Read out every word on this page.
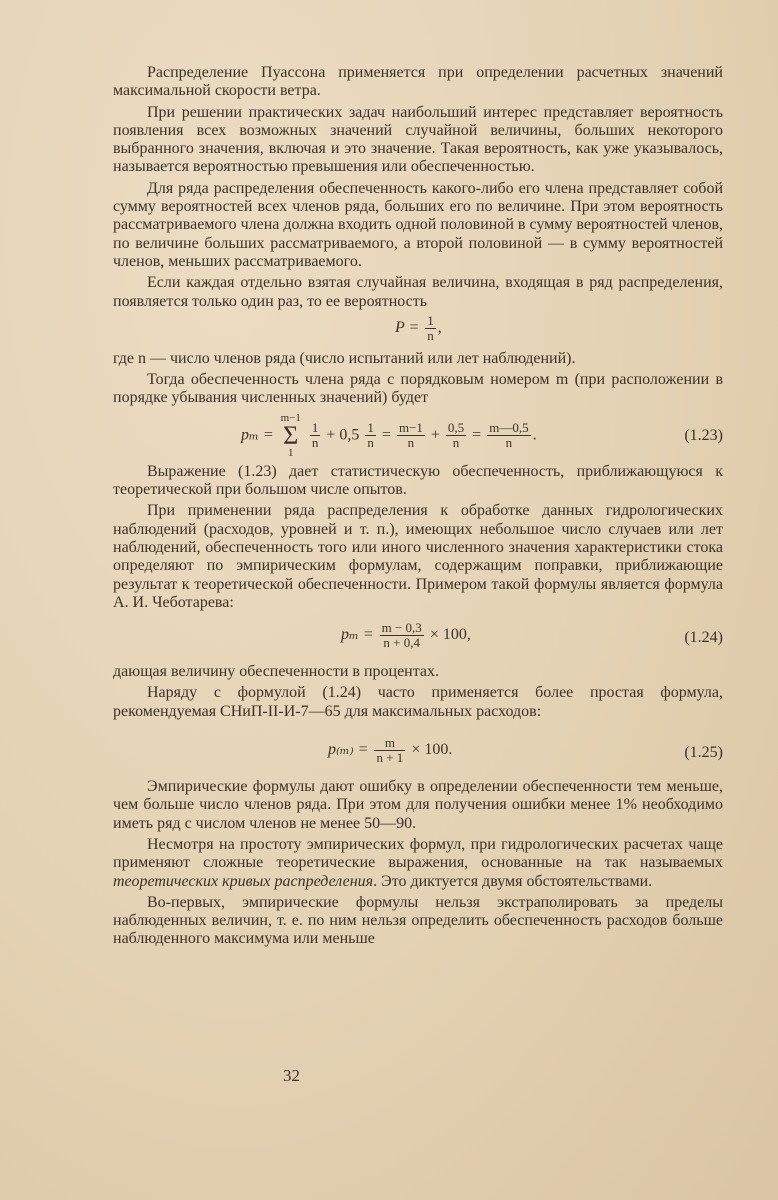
Распределение Пуассона применяется при определении расчетных значений максимальной скорости ветра.

При решении практических задач наибольший интерес представляет вероятность появления всех возможных значений случайной величины, больших некоторого выбранного значения, включая и это значение. Такая вероятность, как уже указывалось, называется вероятностью превышения или обеспеченностью.

Для ряда распределения обеспеченность какого-либо его члена представляет собой сумму вероятностей всех членов ряда, больших его по величине. При этом вероятность рассматриваемого члена должна входить одной половиной в сумму вероятностей членов, по величине больших рассматриваемого, а второй половиной — в сумму вероятностей членов, меньших рассматриваемого.

Если каждая отдельно взятая случайная величина, входящая в ряд распределения, появляется только один раз, то ее вероятность

$P = \frac{1}{n}$ ,

где n — число членов ряда (число испытаний или лет наблюдений).

Тогда обеспеченность члена ряда с порядковым номером m (при расположении в порядке убывания численных значений) будет

pₘ = m−1
Σ
1
$\frac{1}{n} + 0,5 \frac{1}{n} = \frac{m-1}{n} + \frac{0,5}{n} = \frac{m—0,5}{n}$ .	(1.23)

Выражение (1.23) дает статистическую обеспеченность, приближающуюся к теоретической при большом числе опытов.

При применении ряда распределения к обработке данных гидрологических наблюдений (расходов, уровней и т. п.), имеющих небольшое число случаев или лет наблюдений, обеспеченность того или иного численного значения характеристики стока определяют по эмпирическим формулам, содержащим поправки, приближающие результат к теоретической обеспеченности. Примером такой формулы является формула А. И. Чеботарева:

$p_m = \frac{m - 0,3}{n + 0,4} \times 100$,	(1.24)

дающая величину обеспеченности в процентах.

Наряду с формулой (1.24) часто применяется более простая формула, рекомендуемая СНиП-II-И-7—65 для максимальных расходов:

$p_{(m)} = \frac{m}{n + 1} \times 100$.	(1.25)

Эмпирические формулы дают ошибку в определении обеспеченности тем меньше, чем больше число членов ряда. При этом для получения ошибки менее 1% необходимо иметь ряд с числом членов не менее 50—90.

Несмотря на простоту эмпирических формул, при гидрологических расчетах чаще применяют сложные теоретические выражения, основанные на так называемых теоретических кривых распределения. Это диктуется двумя обстоятельствами.

Во-первых, эмпирические формулы нельзя экстраполировать за пределы наблюденных величин, т. е. по ним нельзя определить обеспеченность расходов больше наблюденного максимума или меньше

32
